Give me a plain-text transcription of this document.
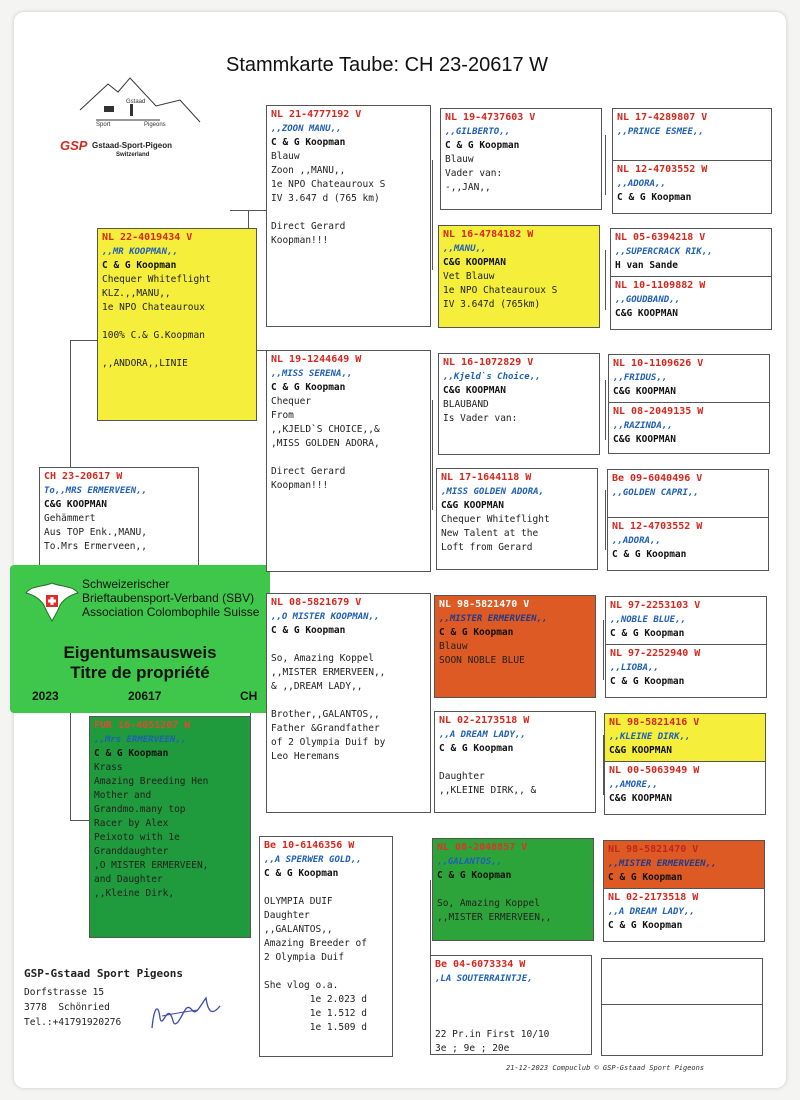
Stammkarte Taube: CH 23-20617 W
Gstaad
Sport	Pigeons
GSP Gstaad-Sport-Pigeon
Switzerland
CH 23-20617 W
To,,MRS ERMERVEEN,,
C&G KOOPMAN
Gehämmert
Aus TOP Enk.,MANU,
To.Mrs Ermerveen,,
NL 22-4019434 V
,,MR KOOPMAN,,
C & G Koopman
Chequer Whiteflight
KLZ.,,MANU,,
1e NPO Chateauroux

100% C.& G.Koopman

,,ANDORA,,LINIE
FUR 16-4051207 W
,,Mrs ERMERVEEN,,
C & G Koopman
Krass
Amazing Breeding Hen
Mother and
Grandmo.many top
Racer by Alex
Peixoto with 1e
Granddaughter
,O MISTER ERMERVEEN,
and Daughter
,,Kleine Dirk,
Schweizerischer
Brieftaubensport-Verband (SBV)
Association Colombophile Suisse
Eigentumsausweis
Titre de propriété
2023	20617	CH
NL 21-4777192 V
,,ZOON MANU,,
C & G Koopman
Blauw
Zoon ,,MANU,,
1e NPO Chateauroux S
IV 3.647 d (765 km)

Direct Gerard
Koopman!!!
NL 19-1244649 W
,,MISS SERENA,,
C & G Koopman
Chequer
From
,,KJELD`S CHOICE,,&
,MISS GOLDEN ADORA,

Direct Gerard
Koopman!!!
NL 08-5821679 V
,,O MISTER KOOPMAN,,
C & G Koopman

So, Amazing Koppel
,,MISTER ERMERVEEN,,
& ,,DREAM LADY,,

Brother,,GALANTOS,,
Father &Grandfather
of 2 Olympia Duif by
Leo Heremans
Be 10-6146356 W
,,A SPERWER GOLD,,
C & G Koopman

OLYMPIA DUIF
Daughter
,,GALANTOS,,
Amazing Breeder of
2 Olympia Duif

She vlog o.a.
1e 2.023 d
1e 1.512 d
1e 1.509 d
NL 19-4737603 V
,,GILBERTO,,
C & G Koopman
Blauw
Vader van:
-,,JAN,,
NL 16-4784182 W
,,MANU,,
C&G KOOPMAN
Vet Blauw
1e NPO Chateauroux S
IV 3.647d (765km)
NL 16-1072829 V
,,Kjeld`s Choice,,
C&G KOOPMAN
BLAUBAND
Is Vader van:
NL 17-1644118 W
,MISS GOLDEN ADORA,
C&G KOOPMAN
Chequer Whiteflight
New Talent at the
Loft from Gerard
NL 98-5821470 V
,,MISTER ERMERVEEN,,
C & G Koopman
Blauw
SOON NOBLE BLUE
NL 02-2173518 W
,,A DREAM LADY,,
C & G Koopman

Daughter
,,KLEINE DIRK,, &
NL 08-2048857 V
,,GALANTOS,,
C & G Koopman

So, Amazing Koppel
,,MISTER ERMERVEEN,,
Be 04-6073334 W
,LA SOUTERRAINTJE,

22 Pr.in First 10/10
3e ; 9e ; 20e
NL 17-4289807 V
,,PRINCE ESMEE,,
NL 12-4703552 W
,,ADORA,,
C & G Koopman
NL 05-6394218 V
,,SUPERCRACK RIK,,
H van Sande
NL 10-1109882 W
,,GOUDBAND,,
C&G KOOPMAN
NL 10-1109626 V
,,FRIDUS,,
C&G KOOPMAN
NL 08-2049135 W
,,RAZINDA,,
C&G KOOPMAN
Be 09-6040496 V
,,GOLDEN CAPRI,,
NL 12-4703552 W
,,ADORA,,
C & G Koopman
NL 97-2253103 V
,,NOBLE BLUE,,
C & G Koopman
NL 97-2252940 W
,,LIOBA,,
C & G Koopman
NL 98-5821416 V
,,KLEINE DIRK,,
C&G KOOPMAN
NL 00-5063949 W
,,AMORE,,
C&G KOOPMAN
NL 98-5821470 V
,,MISTER ERMERVEEN,,
C & G Koopman
NL 02-2173518 W
,,A DREAM LADY,,
C & G Koopman
GSP-Gstaad Sport Pigeons
Dorfstrasse 15
3778  Schönried
Tel.:+41791920276
21-12-2023 Compuclub © GSP-Gstaad Sport Pigeons
